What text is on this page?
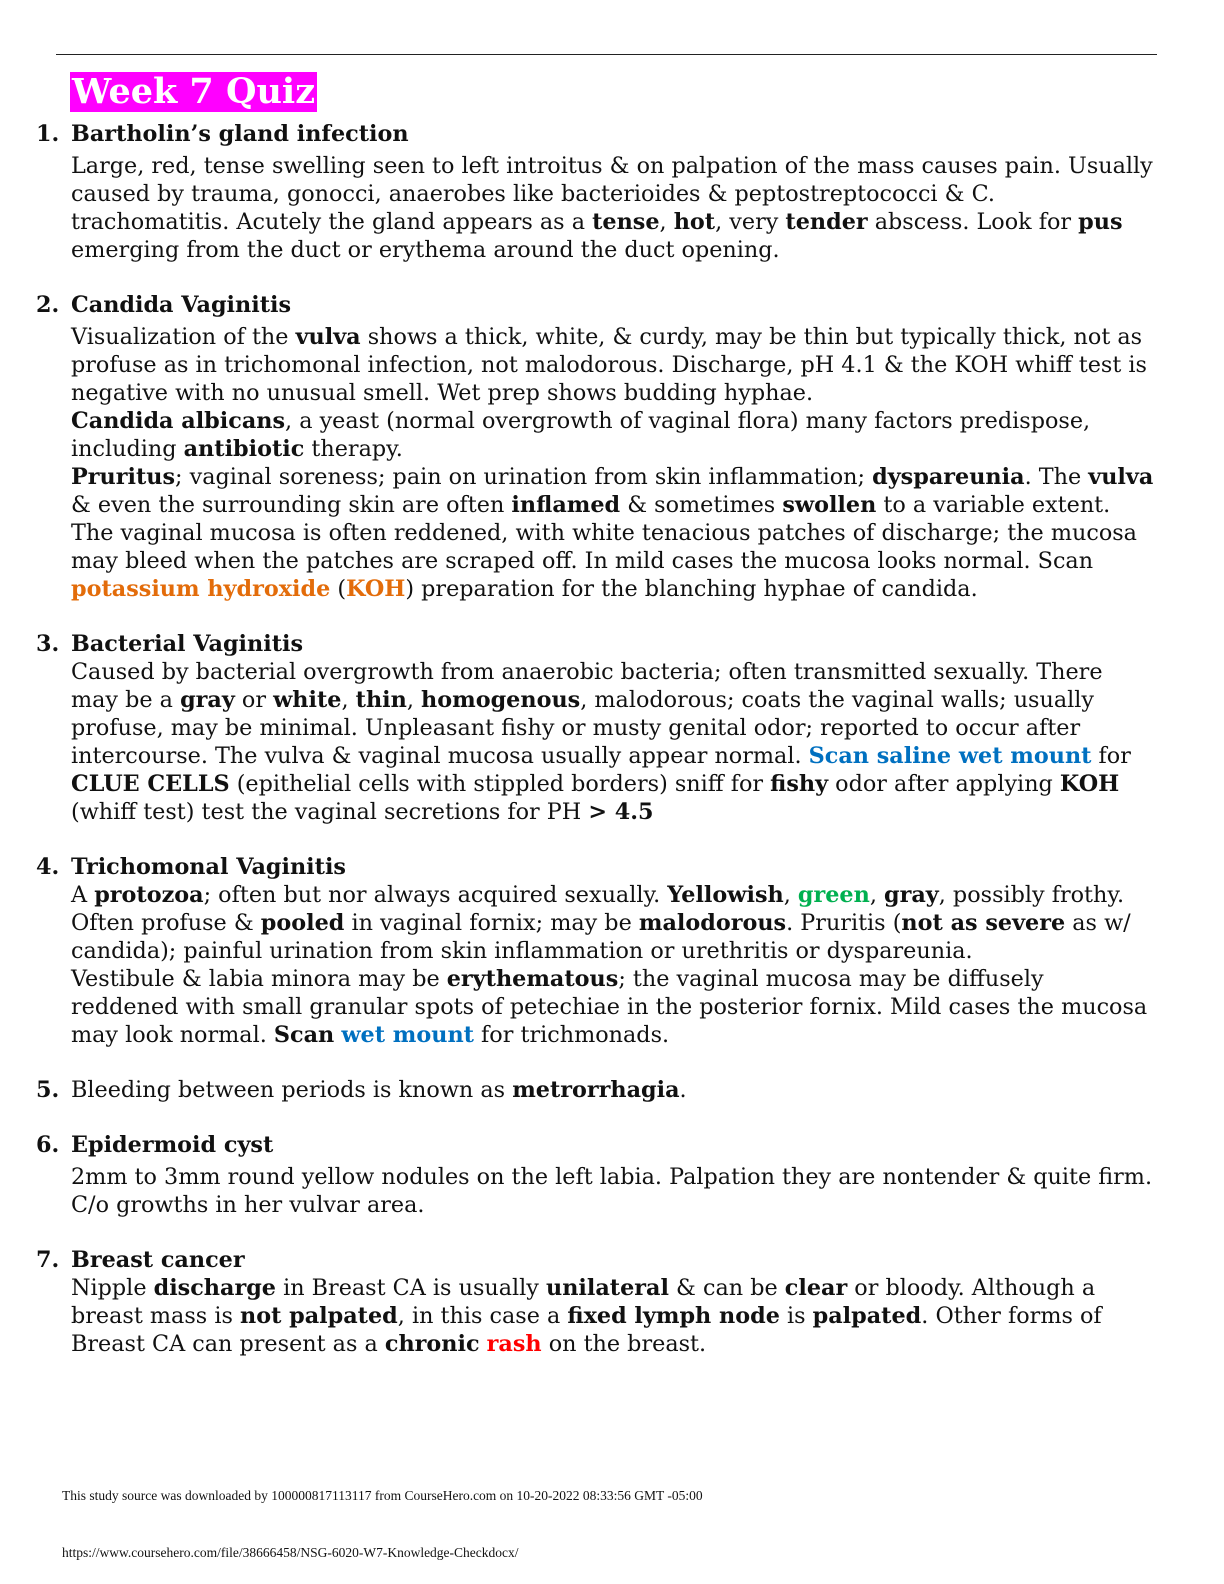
Week 7 Quiz
1. Bartholin’s gland infection

Large, red, tense swelling seen to left introitus & on palpation of the mass causes pain. Usually caused by trauma, gonocci, anaerobes like bacterioides & peptostreptococci & C. trachomatitis. Acutely the gland appears as a tense, hot, very tender abscess. Look for pus emerging from the duct or erythema around the duct opening.

2. Candida Vaginitis

Visualization of the vulva shows a thick, white, & curdy, may be thin but typically thick, not as profuse as in trichomonal infection, not malodorous. Discharge, pH 4.1 & the KOH whiff test is negative with no unusual smell. Wet prep shows budding hyphae.

Candida albicans, a yeast (normal overgrowth of vaginal flora) many factors predispose, including antibiotic therapy.

Pruritus; vaginal soreness; pain on urination from skin inflammation; dyspareunia. The vulva & even the surrounding skin are often inflamed & sometimes swollen to a variable extent. The vaginal mucosa is often reddened, with white tenacious patches of discharge; the mucosa may bleed when the patches are scraped off. In mild cases the mucosa looks normal. Scan potassium hydroxide (KOH) preparation for the blanching hyphae of candida.

3. Bacterial Vaginitis

Caused by bacterial overgrowth from anaerobic bacteria; often transmitted sexually. There may be a gray or white, thin, homogenous, malodorous; coats the vaginal walls; usually profuse, may be minimal. Unpleasant fishy or musty genital odor; reported to occur after intercourse. The vulva & vaginal mucosa usually appear normal. Scan saline wet mount for CLUE CELLS (epithelial cells with stippled borders) sniff for fishy odor after applying KOH (whiff test) test the vaginal secretions for PH > 4.5

4. Trichomonal Vaginitis

A protozoa; often but nor always acquired sexually. Yellowish, green, gray, possibly frothy. Often profuse & pooled in vaginal fornix; may be malodorous. Pruritis (not as severe as w/ candida); painful urination from skin inflammation or urethritis or dyspareunia.

Vestibule & labia minora may be erythematous; the vaginal mucosa may be diffusely reddened with small granular spots of petechiae in the posterior fornix. Mild cases the mucosa may look normal. Scan wet mount for trichmonads.

5. Bleeding between periods is known as metrorrhagia.

6. Epidermoid cyst

2mm to 3mm round yellow nodules on the left labia. Palpation they are nontender & quite firm. C/o growths in her vulvar area.

7. Breast cancer

Nipple discharge in Breast CA is usually unilateral & can be clear or bloody. Although a breast mass is not palpated, in this case a fixed lymph node is palpated. Other forms of Breast CA can present as a chronic rash on the breast.

This study source was downloaded by 100000817113117 from CourseHero.com on 10-20-2022 08:33:56 GMT -05:00
https://www.coursehero.com/file/38666458/NSG-6020-W7-Knowledge-Checkdocx/
